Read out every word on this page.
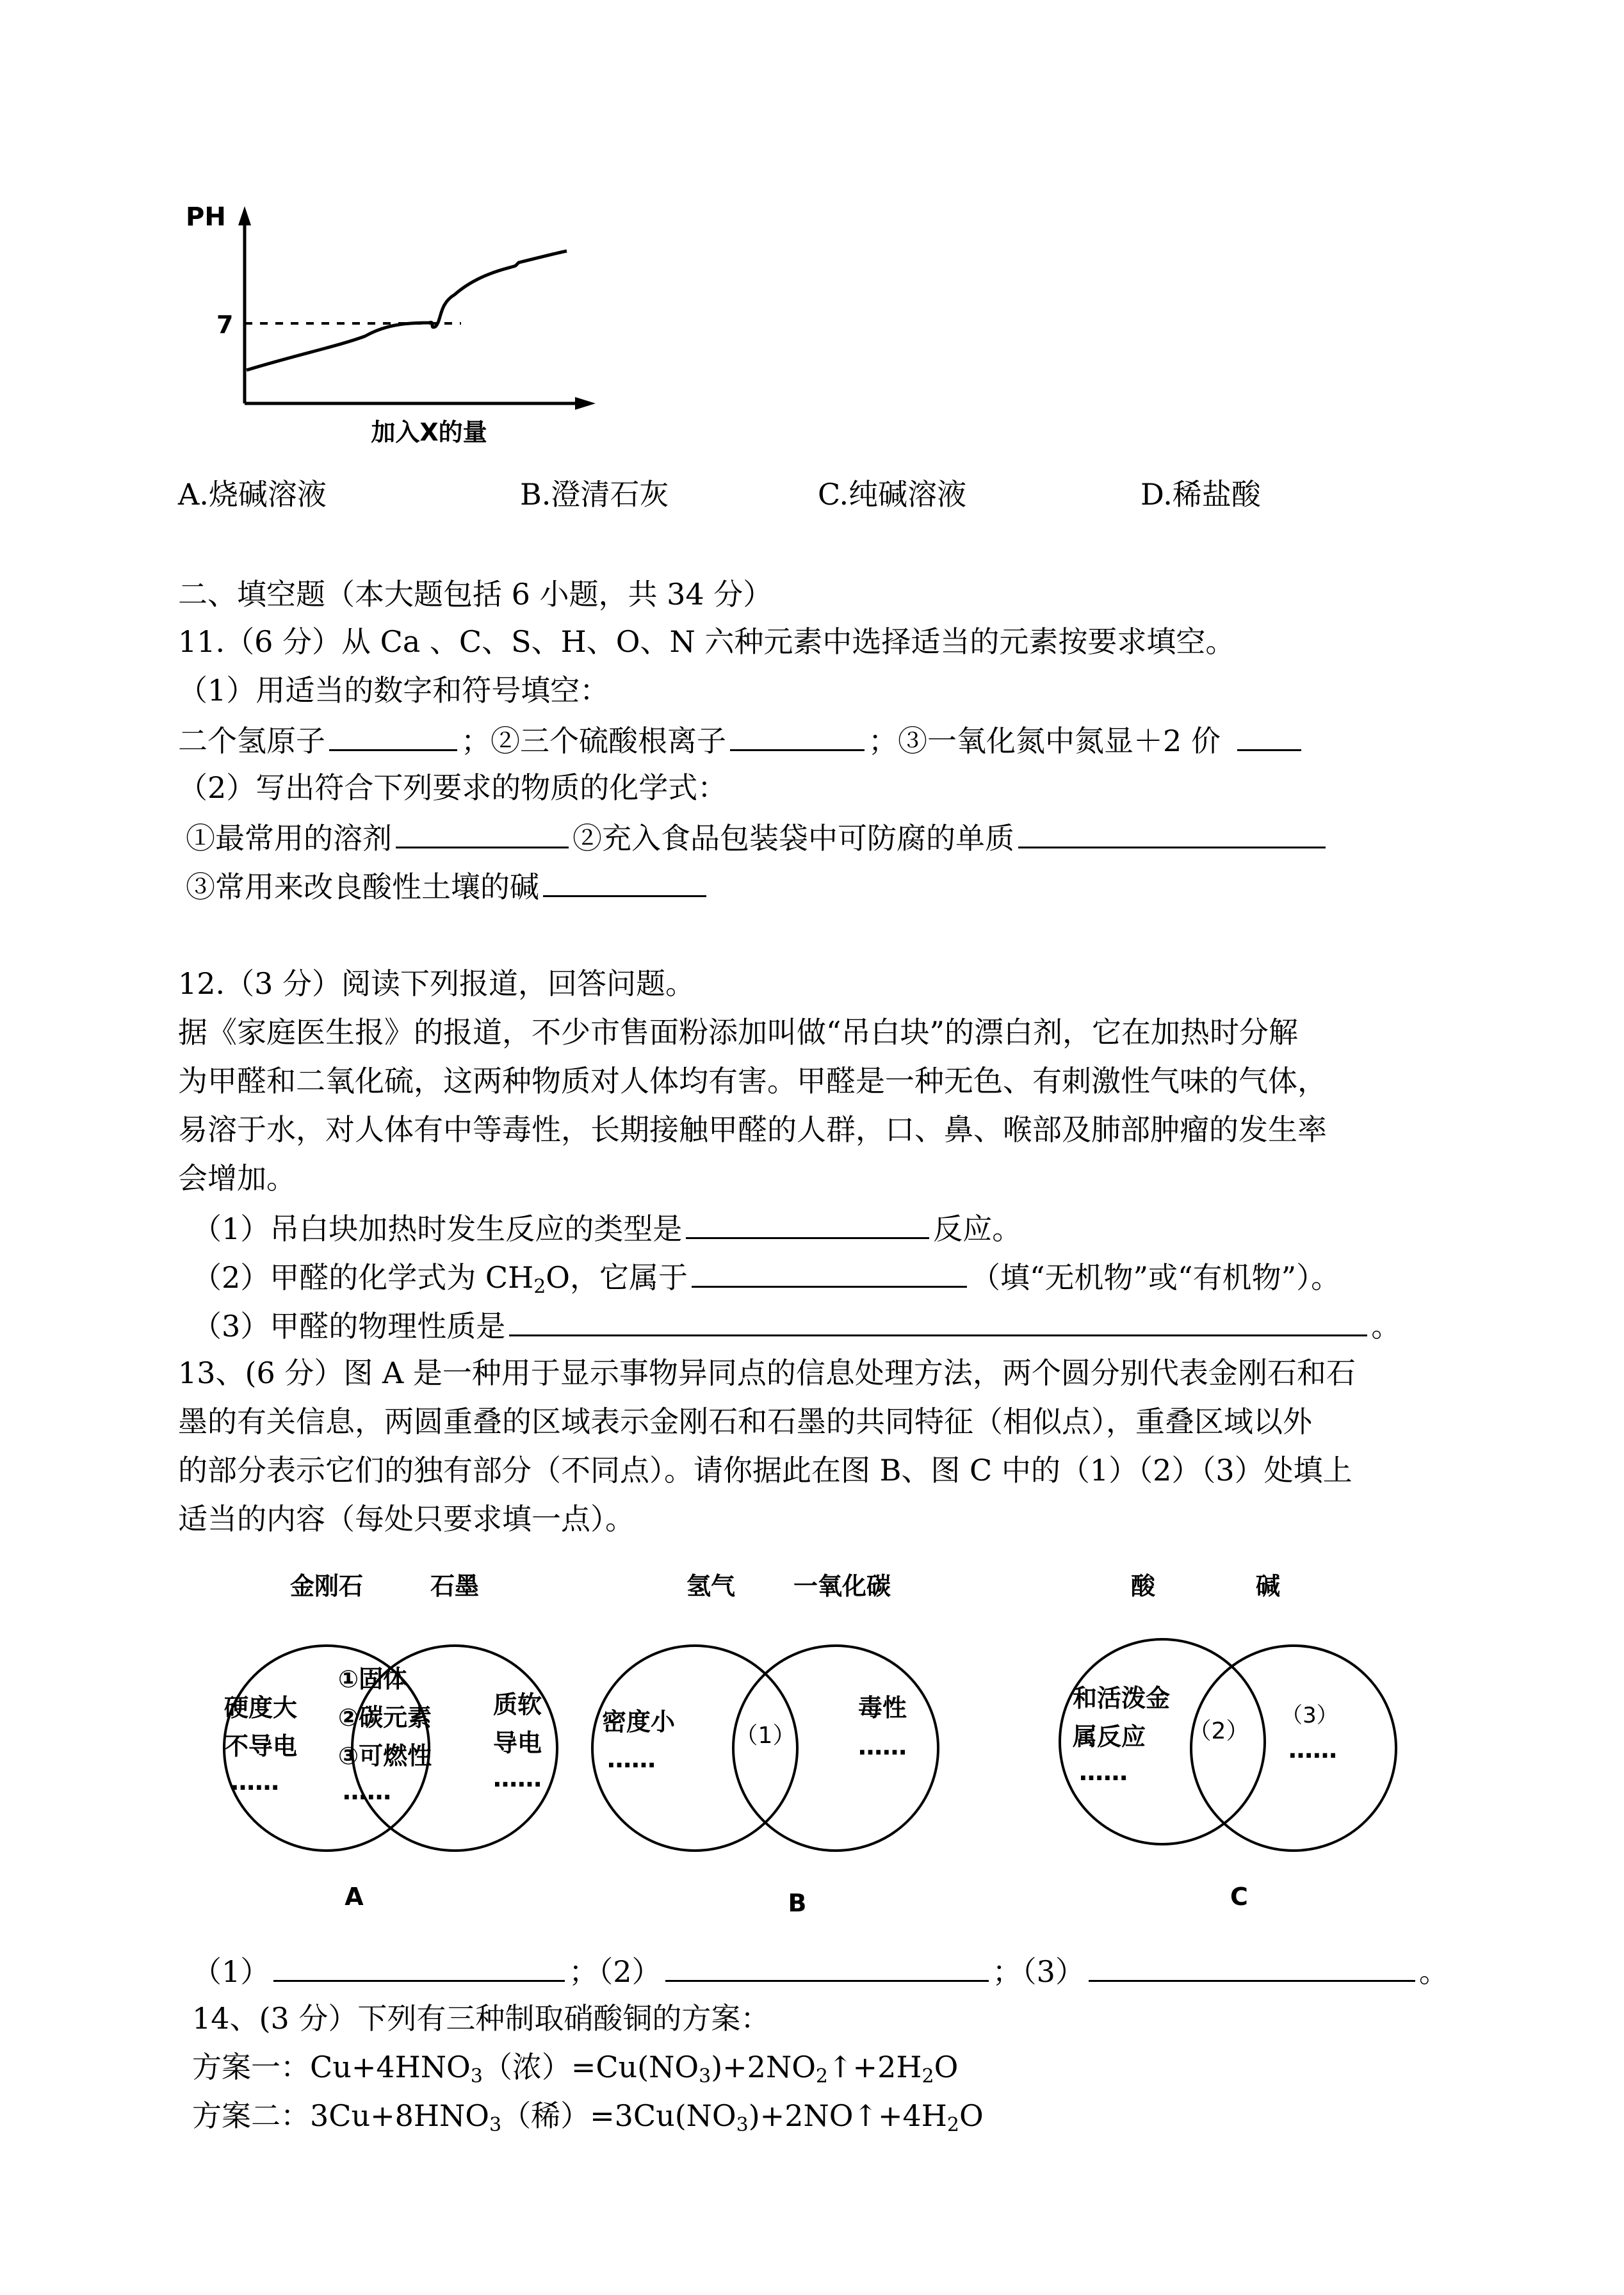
PH
7
加入X的量
A.烧碱溶液	B.澄清石灰	C.纯碱溶液	D.稀盐酸
二、填空题（本大题包括 6 小题，共 34 分）
11.（6 分）从 Ca 、C、S、H、O、N 六种元素中选择适当的元素按要求填空。
（1）用适当的数字和符号填空：
二个氢原子	；②三个硫酸根离子	；③一氧化氮中氮显＋2 价
（2）写出符合下列要求的物质的化学式：
①最常用的溶剂	②充入食品包装袋中可防腐的单质
③常用来改良酸性土壤的碱
12.（3 分）阅读下列报道，回答问题。
据《家庭医生报》的报道，不少市售面粉添加叫做“吊白块”的漂白剂，它在加热时分解
为甲醛和二氧化硫，这两种物质对人体均有害。甲醛是一种无色、有刺激性气味的气体，
易溶于水，对人体有中等毒性，长期接触甲醛的人群，口、鼻、喉部及肺部肿瘤的发生率
会增加。
（1）吊白块加热时发生反应的类型是	反应。
（2）甲醛的化学式为 $CH_2O$，它属于	（填“无机物”或“有机物”）。
（3）甲醛的物理性质是	。
13、(6 分）图 A 是一种用于显示事物异同点的信息处理方法，两个圆分别代表金刚石和石
墨的有关信息，两圆重叠的区域表示金刚石和石墨的共同特征（相似点），重叠区域以外
的部分表示它们的独有部分（不同点）。请你据此在图 B、图 C 中的（1）（2）（3）处填上
适当的内容（每处只要求填一点）。
金刚石	石墨
硬度大
不导电
……
①固体
②碳元素
③可燃性
……
质软
导电
……
A
氢气 一氧化碳
密度小
……
（1）
毒性
……
B
酸	碱
和活泼金
属反应
……
（2）
（3）
……
C
（1）	；（2）	；（3）	。
14、(3 分）下列有三种制取硝酸铜的方案：
方案一：$Cu+4HNO_3$（浓）$=Cu(NO_3)+2NO_2↑+2H_2O$
方案二：$3Cu+8HNO_3$（稀）$=3Cu(NO_3)+2NO↑+4H_2O$
